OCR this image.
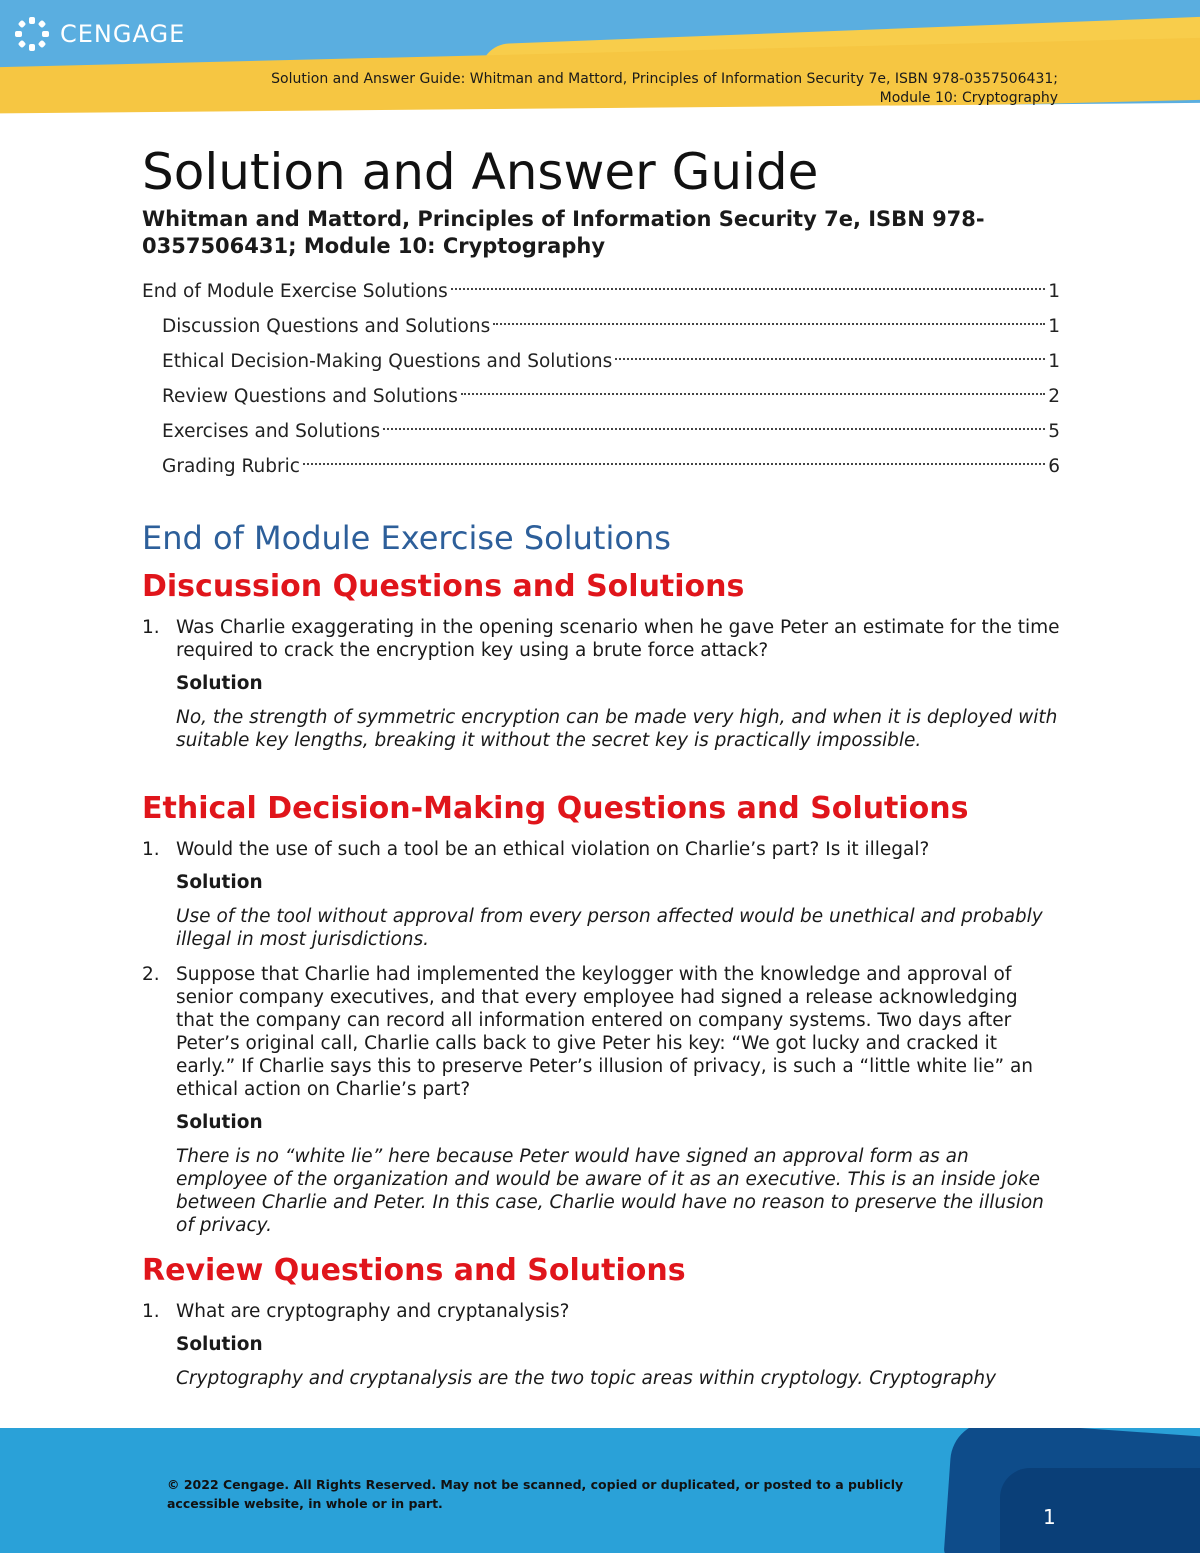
CENGAGE
Solution and Answer Guide: Whitman and Mattord, Principles of Information Security 7e, ISBN 978-0357506431;
Module 10: Cryptography
Solution and Answer Guide
Whitman and Mattord, Principles of Information Security 7e, ISBN 978-0357506431; Module 10: Cryptography
End of Module Exercise Solutions	1
Discussion Questions and Solutions	1
Ethical Decision-Making Questions and Solutions	1
Review Questions and Solutions	2
Exercises and Solutions	5
Grading Rubric	6
End of Module Exercise Solutions
Discussion Questions and Solutions
1. Was Charlie exaggerating in the opening scenario when he gave Peter an estimate for the time required to crack the encryption key using a brute force attack?
Solution
No, the strength of symmetric encryption can be made very high, and when it is deployed with suitable key lengths, breaking it without the secret key is practically impossible.
Ethical Decision-Making Questions and Solutions
1. Would the use of such a tool be an ethical violation on Charlie’s part? Is it illegal?
Solution
Use of the tool without approval from every person affected would be unethical and probably illegal in most jurisdictions.
2. Suppose that Charlie had implemented the keylogger with the knowledge and approval of senior company executives, and that every employee had signed a release acknowledging that the company can record all information entered on company systems. Two days after Peter’s original call, Charlie calls back to give Peter his key: “We got lucky and cracked it early.” If Charlie says this to preserve Peter’s illusion of privacy, is such a “little white lie” an ethical action on Charlie’s part?
Solution
There is no “white lie” here because Peter would have signed an approval form as an employee of the organization and would be aware of it as an executive. This is an inside joke between Charlie and Peter. In this case, Charlie would have no reason to preserve the illusion of privacy.
Review Questions and Solutions
1. What are cryptography and cryptanalysis?
Solution
Cryptography and cryptanalysis are the two topic areas within cryptology. Cryptography
© 2022 Cengage. All Rights Reserved. May not be scanned, copied or duplicated, or posted to a publicly accessible website, in whole or in part.
1
